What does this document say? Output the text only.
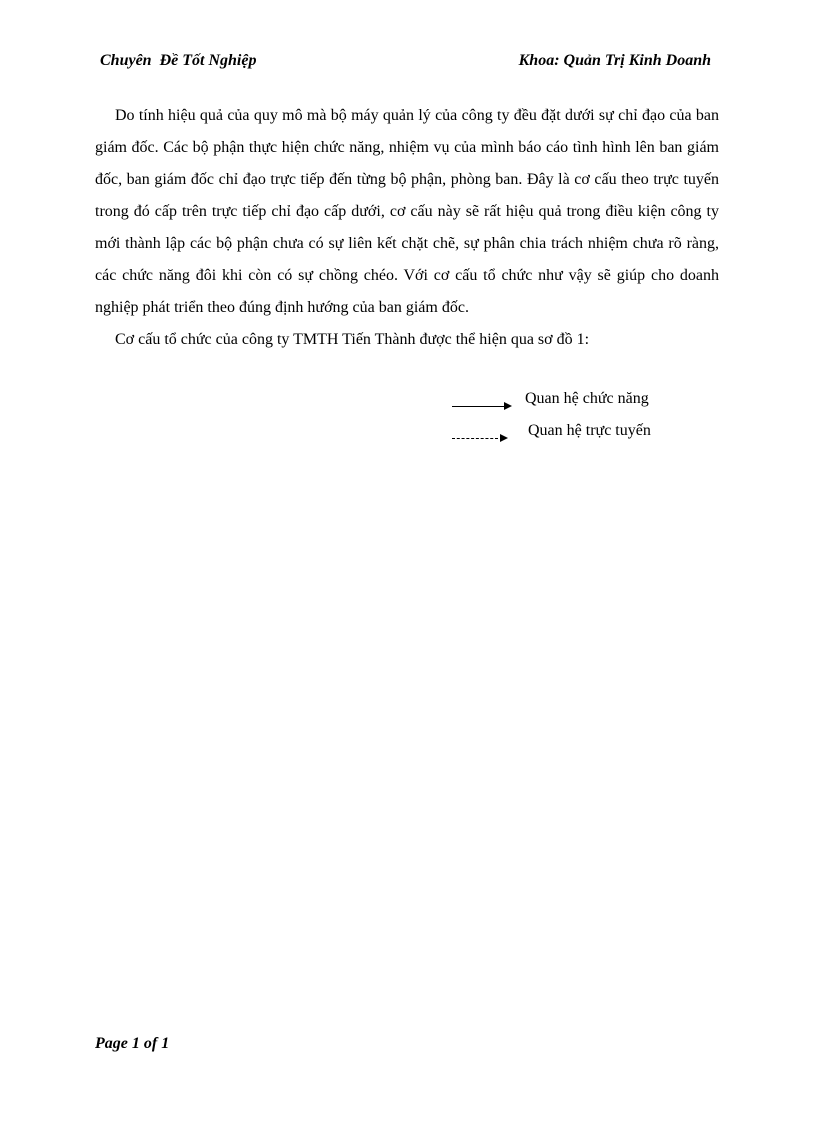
Chuyên  Đề Tốt Nghiệp	Khoa: Quản Trị Kinh Doanh

Do tính hiệu quả của quy mô mà bộ máy quản lý của công ty đều đặt dưới sự chỉ đạo của ban giám đốc. Các bộ phận thực hiện chức năng, nhiệm vụ của mình báo cáo tình hình lên ban giám đốc, ban giám đốc chỉ đạo trực tiếp đến từng bộ phận, phòng ban. Đây là cơ cấu theo trực tuyến trong đó cấp trên trực tiếp chỉ đạo cấp dưới, cơ cấu này sẽ rất hiệu quả trong điều kiện công ty mới thành lập các bộ phận chưa có sự liên kết chặt chẽ, sự phân chia trách nhiệm chưa rõ ràng, các chức năng đôi khi còn có sự chồng chéo. Với cơ cấu tổ chức như vậy sẽ giúp cho doanh nghiệp phát triển theo đúng định hướng của ban giám đốc.

Cơ cấu tổ chức của công ty TMTH Tiến Thành được thể hiện qua sơ đồ 1:

Quan hệ chức năng
Quan hệ trực tuyến
Page 1 of 1
